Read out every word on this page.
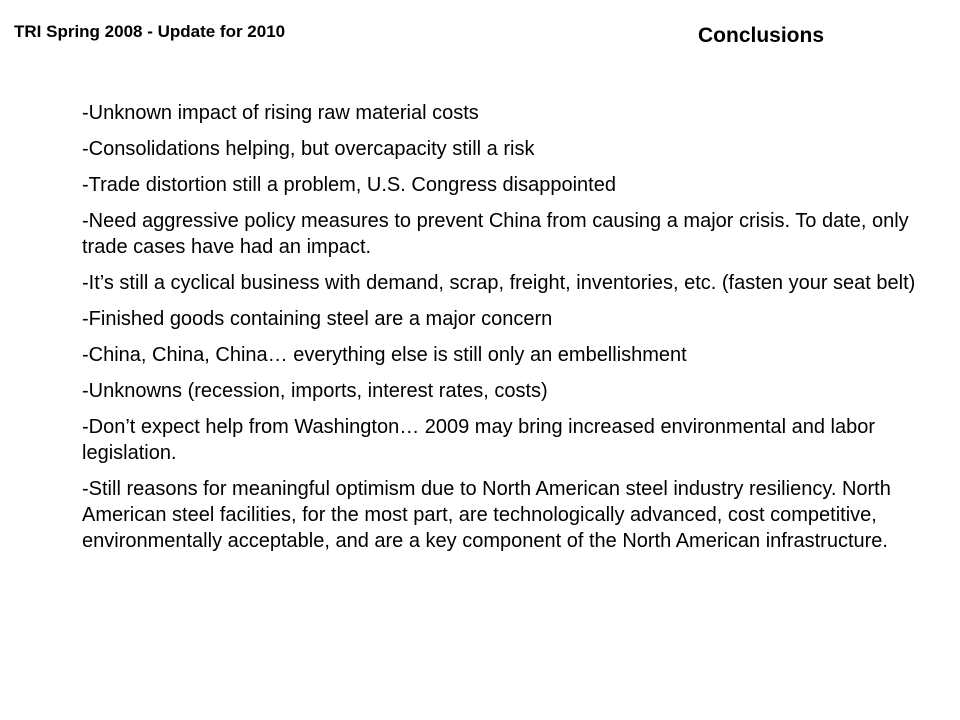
TRI Spring 2008 - Update for 2010	Conclusions
-Unknown impact of rising raw material costs
-Consolidations helping, but overcapacity still a risk
-Trade distortion still a problem, U.S. Congress disappointed
-Need aggressive policy measures to prevent China from causing a major crisis. To date, only trade cases have had an impact.
-It’s still a cyclical business with demand, scrap, freight, inventories, etc. (fasten your seat belt)
-Finished goods containing steel are a major concern
-China, China, China… everything else is still only an embellishment
-Unknowns (recession, imports, interest rates, costs)
-Don’t expect help from Washington… 2009 may bring increased environmental and labor legislation.
-Still reasons for meaningful optimism due to North American steel industry resiliency. North American steel facilities, for the most part, are technologically advanced, cost competitive, environmentally acceptable, and are a key component of the North American infrastructure.
